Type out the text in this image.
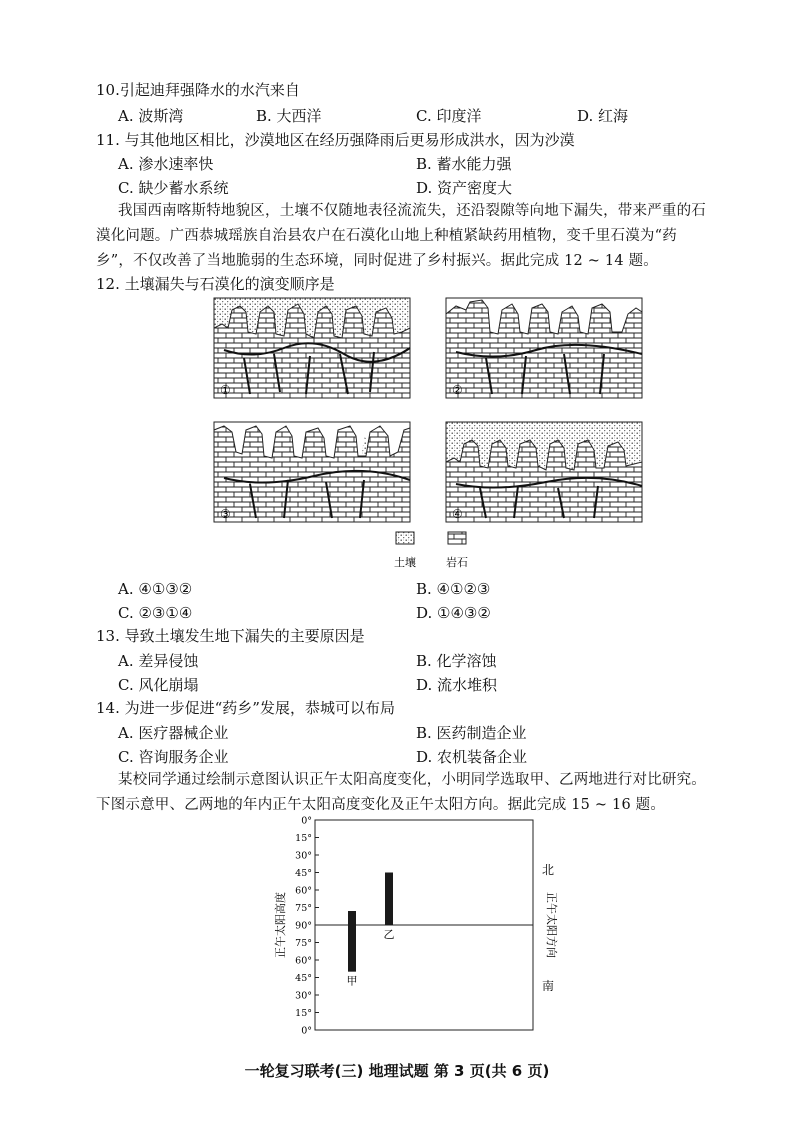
10.引起迪拜强降水的水汽来自
A. 波斯湾	B. 大西洋	C. 印度洋	D. 红海
11. 与其他地区相比，沙漠地区在经历强降雨后更易形成洪水，因为沙漠
A. 渗水速率快	B. 蓄水能力强
C. 缺少蓄水系统	D. 资产密度大
我国西南喀斯特地貌区，土壤不仅随地表径流流失，还沿裂隙等向地下漏失，带来严重的石漠化问题。广西恭城瑶族自治县农户在石漠化山地上种植紧缺药用植物，变千里石漠为“药乡”，不仅改善了当地脆弱的生态环境，同时促进了乡村振兴。据此完成 12 ~ 14 题。
12. 土壤漏失与石漠化的演变顺序是
①	②
③	④
土壤	岩石
A. ④①③②	B. ④①②③
C. ②③①④	D. ①④③②
13. 导致土壤发生地下漏失的主要原因是
A. 差异侵蚀	B. 化学溶蚀
C. 风化崩塌	D. 流水堆积
14. 为进一步促进“药乡”发展，恭城可以布局
A. 医疗器械企业	B. 医药制造企业
C. 咨询服务企业	D. 农机装备企业
某校同学通过绘制示意图认识正午太阳高度变化，小明同学选取甲、乙两地进行对比研究。下图示意甲、乙两地的年内正午太阳高度变化及正午太阳方向。据此完成 15 ~ 16 题。
0°
15°
30°
45°
60°
75°
90°
75°
60°
45°
30°
15°
0°
正午太阳高度	正午太阳方向
北
南
甲
乙
一轮复习联考(三) 地理试题 第 3 页(共 6 页)
